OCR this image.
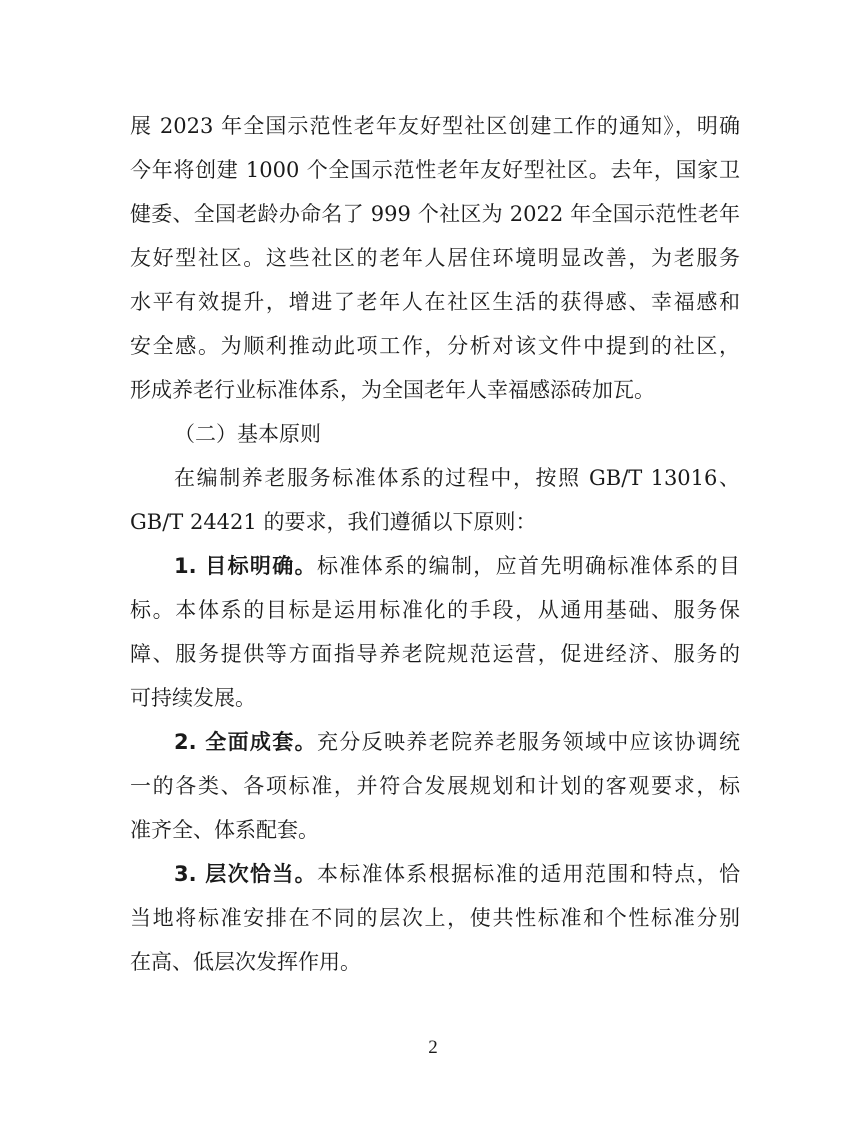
展 2023 年全国示范性老年友好型社区创建工作的通知》，明确
今年将创建 1000 个全国示范性老年友好型社区。去年，国家卫
健委、全国老龄办命名了 999 个社区为 2022 年全国示范性老年
友好型社区。这些社区的老年人居住环境明显改善，为老服务
水平有效提升，增进了老年人在社区生活的获得感、幸福感和
安全感。为顺利推动此项工作，分析对该文件中提到的社区，
形成养老行业标准体系，为全国老年人幸福感添砖加瓦。
（二）基本原则
在编制养老服务标准体系的过程中，按照 GB/T 13016、
GB/T 24421 的要求，我们遵循以下原则：
1. 目标明确。标准体系的编制，应首先明确标准体系的目
标。本体系的目标是运用标准化的手段，从通用基础、服务保
障、服务提供等方面指导养老院规范运营，促进经济、服务的
可持续发展。
2. 全面成套。充分反映养老院养老服务领域中应该协调统
一的各类、各项标准，并符合发展规划和计划的客观要求，标
准齐全、体系配套。
3. 层次恰当。本标准体系根据标准的适用范围和特点，恰
当地将标准安排在不同的层次上，使共性标准和个性标准分别
在高、低层次发挥作用。
2
